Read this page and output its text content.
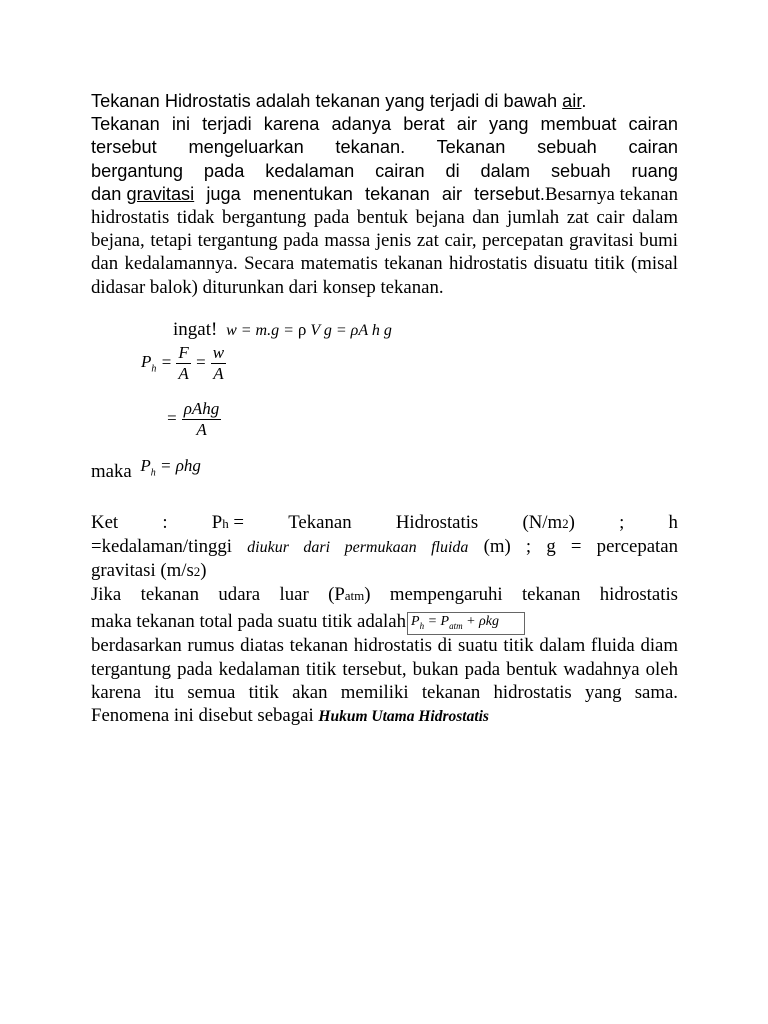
Tekanan Hidrostatis adalah tekanan yang terjadi di bawah air.
Tekanan ini terjadi karena adanya berat air yang membuat cairan
tersebut mengeluarkan tekanan. Tekanan sebuah cairan
bergantung pada kedalaman cairan di dalam sebuah ruang
dan gravitasi juga menentukan tekanan air tersebut.Besarnya tekanan hidrostatis tidak bergantung pada bentuk bejana dan jumlah zat cair dalam bejana, tetapi tergantung pada massa jenis zat cair, percepatan gravitasi bumi dan kedalamannya. Secara matematis tekanan hidrostatis disuatu titik (misal didasar balok) diturunkan dari konsep tekanan.
ingat! w = m.g = ρ V g = ρA h g
$P_h = \frac{F}{A} = \frac{w}{A}$
= $\frac{\text{ρAhg}}{A}$
maka $P_h = \rho hg$
Ket : Ph = Tekanan Hidrostatis (N/m2) ; h
=kedalaman/tinggi diukur dari permukaan fluida (m) ; g = percepatan
gravitasi (m/s2)
Jika tekanan udara luar (Patm) mempengaruhi tekanan hidrostatis
maka tekanan total pada suatu titik adalah $P_h = P_{atm} + \rho kg$
berdasarkan rumus diatas tekanan hidrostatis di suatu titik dalam fluida diam tergantung pada kedalaman titik tersebut, bukan pada bentuk wadahnya oleh karena itu semua titik akan memiliki tekanan hidrostatis yang sama. Fenomena ini disebut sebagai Hukum Utama Hidrostatis
